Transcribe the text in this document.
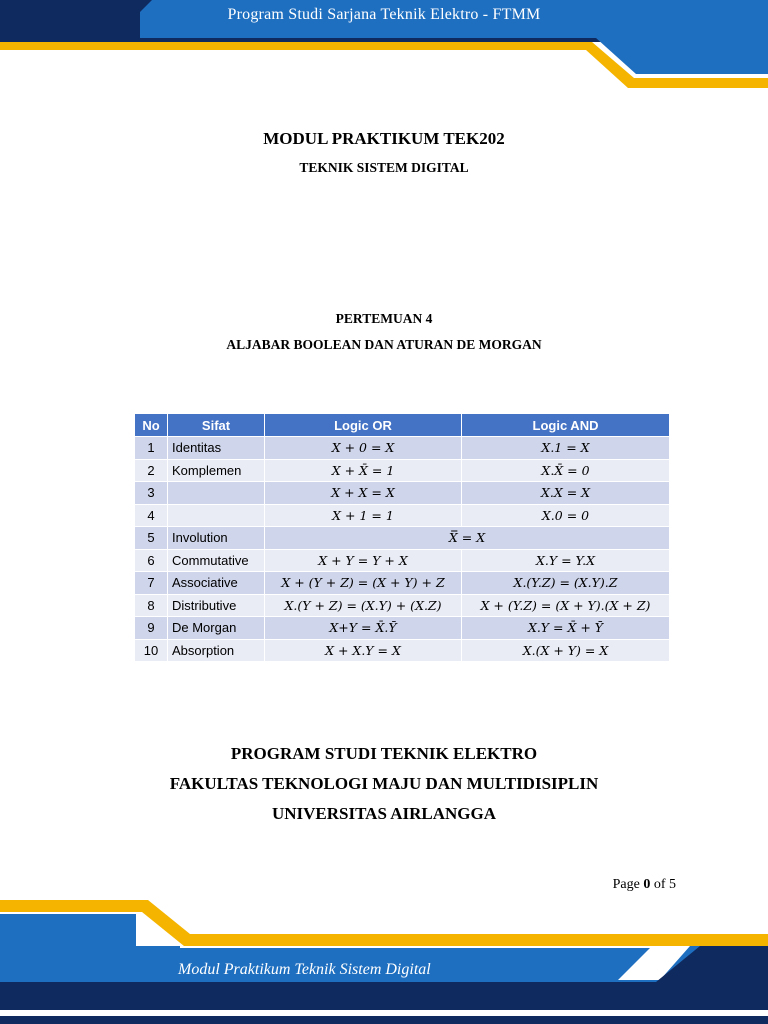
Program Studi Sarjana Teknik Elektro - FTMM
MODUL PRAKTIKUM TEK202
TEKNIK SISTEM DIGITAL
PERTEMUAN 4
ALJABAR BOOLEAN DAN ATURAN DE MORGAN
No	Sifat	Logic OR	Logic AND
1	Identitas	X + 0 = X	X.1 = X
2	Komplemen	X + X̄ = 1	X.X̄ = 0
3		X + X = X	X.X = X
4		X + 1 = 1	X.0 = 0
5	Involution	X̿ = X	
6	Commutative	X + Y = Y + X	X.Y = Y.X
7	Associative	X + (Y + Z) = (X + Y) + Z	X.(Y.Z) = (X.Y).Z
8	Distributive	X.(Y + Z) = (X.Y) + (X.Z)	X + (Y.Z) = (X + Y).(X + Z)
9	De Morgan	X+Y = X̄.Ȳ	X.Y = X̄ + Ȳ
10	Absorption	X + X.Y = X	X.(X + Y) = X
PROGRAM STUDI TEKNIK ELEKTRO
FAKULTAS TEKNOLOGI MAJU DAN MULTIDISIPLIN
UNIVERSITAS AIRLANGGA
Page 0 of 5
Modul Praktikum Teknik Sistem Digital
